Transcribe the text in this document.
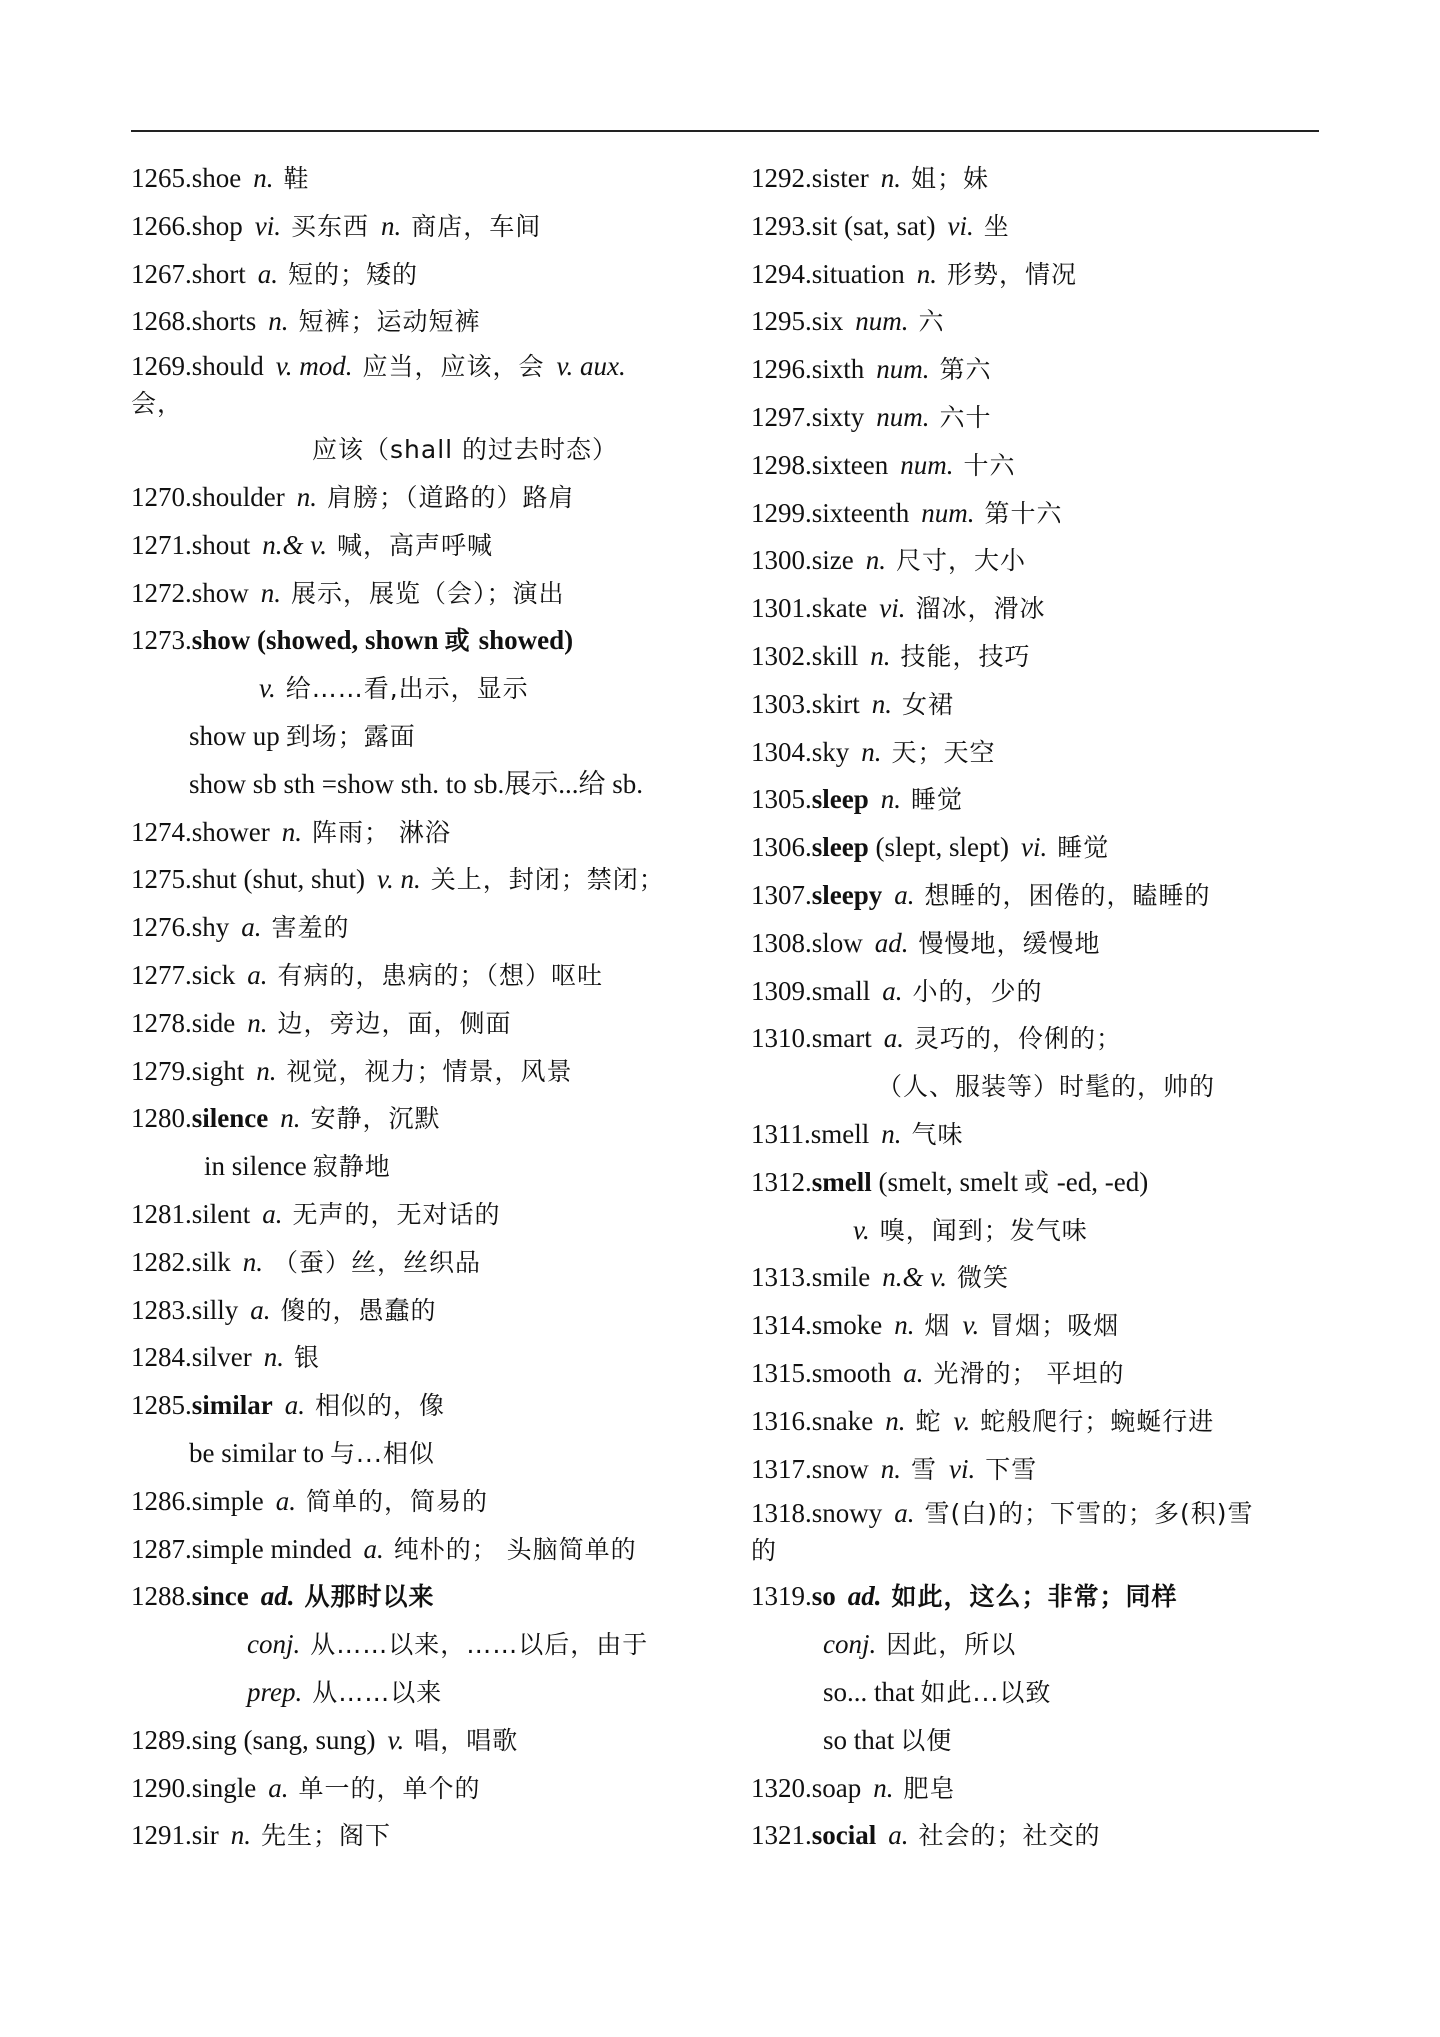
1265.shoe n. 鞋
1266.shop vi. 买东西 n. 商店，车间
1267.short a. 短的；矮的
1268.shorts n. 短裤；运动短裤
1269.should v. mod. 应当，应该，会 v. aux.
会，
应该（shall 的过去时态）
1270.shoulder n. 肩膀；（道路的）路肩
1271.shout n.& v. 喊，高声呼喊
1272.show n. 展示，展览（会）；演出
1273.show (showed, shown 或 showed)
v. 给……看,出示，显示
show up 到场；露面
show sb sth =show sth. to sb.展示...给 sb.
1274.shower n. 阵雨； 淋浴
1275.shut (shut, shut) v. n. 关上，封闭；禁闭；
1276.shy a. 害羞的
1277.sick a. 有病的，患病的；（想）呕吐
1278.side n. 边，旁边，面，侧面
1279.sight n. 视觉，视力；情景，风景
1280.silence n. 安静，沉默
in silence 寂静地
1281.silent a. 无声的，无对话的
1282.silk n. （蚕）丝，丝织品
1283.silly a. 傻的，愚蠢的
1284.silver n. 银
1285.similar a. 相似的，像
be similar to 与...相似
1286.simple a. 简单的，简易的
1287.simple minded a. 纯朴的； 头脑简单的
1288.since ad. 从那时以来
conj. 从……以来，……以后，由于
prep. 从……以来
1289.sing (sang, sung) v. 唱，唱歌
1290.single a. 单一的，单个的
1291.sir n. 先生；阁下
1292.sister n. 姐；妹
1293.sit (sat, sat) vi. 坐
1294.situation n. 形势，情况
1295.six num. 六
1296.sixth num. 第六
1297.sixty num. 六十
1298.sixteen num. 十六
1299.sixteenth num. 第十六
1300.size n. 尺寸，大小
1301.skate vi. 溜冰，滑冰
1302.skill n. 技能，技巧
1303.skirt n. 女裙
1304.sky n. 天；天空
1305.sleep n. 睡觉
1306.sleep (slept, slept) vi. 睡觉
1307.sleepy a. 想睡的，困倦的，瞌睡的
1308.slow ad. 慢慢地，缓慢地
1309.small a. 小的，少的
1310.smart a. 灵巧的，伶俐的；
（人、服装等）时髦的，帅的
1311.smell n. 气味
1312.smell (smelt, smelt 或 -ed, -ed)
v. 嗅，闻到；发气味
1313.smile n.& v. 微笑
1314.smoke n. 烟 v. 冒烟；吸烟
1315.smooth a. 光滑的； 平坦的
1316.snake n. 蛇 v. 蛇般爬行；蜿蜒行进
1317.snow n. 雪 vi. 下雪
1318.snowy a. 雪(白)的；下雪的；多(积)雪
的
1319.so ad. 如此，这么；非常；同样
conj. 因此，所以
so... that 如此...以致
so that 以便
1320.soap n. 肥皂
1321.social a. 社会的；社交的
